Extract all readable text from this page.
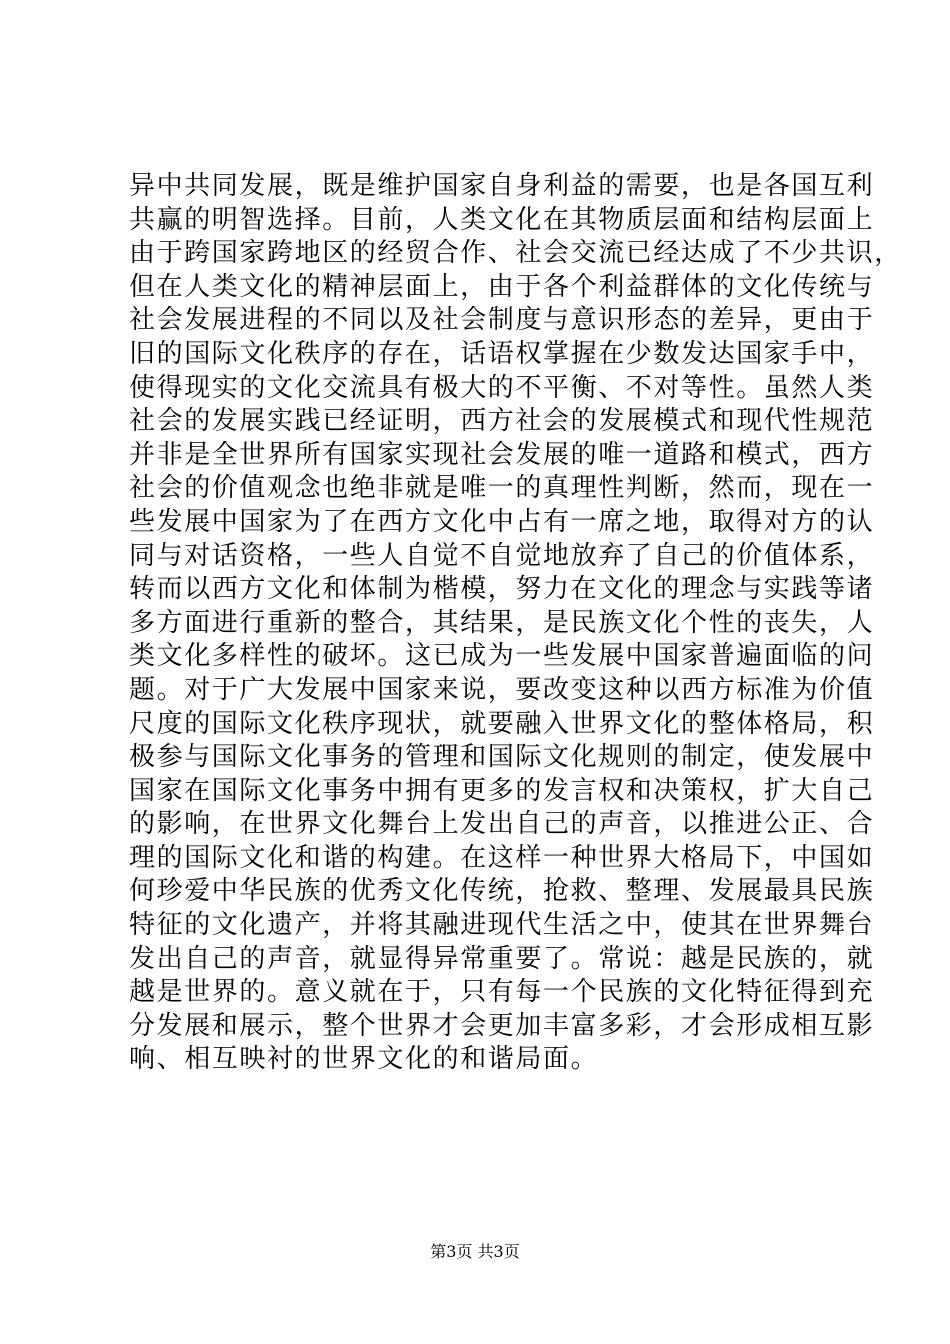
异中共同发展，既是维护国家自身利益的需要，也是各国互利
共赢的明智选择。目前，人类文化在其物质层面和结构层面上
由于跨国家跨地区的经贸合作、社会交流已经达成了不少共识，
但在人类文化的精神层面上，由于各个利益群体的文化传统与
社会发展进程的不同以及社会制度与意识形态的差异，更由于
旧的国际文化秩序的存在，话语权掌握在少数发达国家手中，
使得现实的文化交流具有极大的不平衡、不对等性。虽然人类
社会的发展实践已经证明，西方社会的发展模式和现代性规范
并非是全世界所有国家实现社会发展的唯一道路和模式，西方
社会的价值观念也绝非就是唯一的真理性判断，然而，现在一
些发展中国家为了在西方文化中占有一席之地，取得对方的认
同与对话资格，一些人自觉不自觉地放弃了自己的价值体系，
转而以西方文化和体制为楷模，努力在文化的理念与实践等诸
多方面进行重新的整合，其结果，是民族文化个性的丧失，人
类文化多样性的破坏。这已成为一些发展中国家普遍面临的问
题。对于广大发展中国家来说，要改变这种以西方标准为价值
尺度的国际文化秩序现状，就要融入世界文化的整体格局，积
极参与国际文化事务的管理和国际文化规则的制定，使发展中
国家在国际文化事务中拥有更多的发言权和决策权，扩大自己
的影响，在世界文化舞台上发出自己的声音，以推进公正、合
理的国际文化和谐的构建。在这样一种世界大格局下，中国如
何珍爱中华民族的优秀文化传统，抢救、整理、发展最具民族
特征的文化遗产，并将其融进现代生活之中，使其在世界舞台
发出自己的声音，就显得异常重要了。常说：越是民族的，就
越是世界的。意义就在于，只有每一个民族的文化特征得到充
分发展和展示，整个世界才会更加丰富多彩，才会形成相互影
响、相互映衬的世界文化的和谐局面。
第3页 共3页
